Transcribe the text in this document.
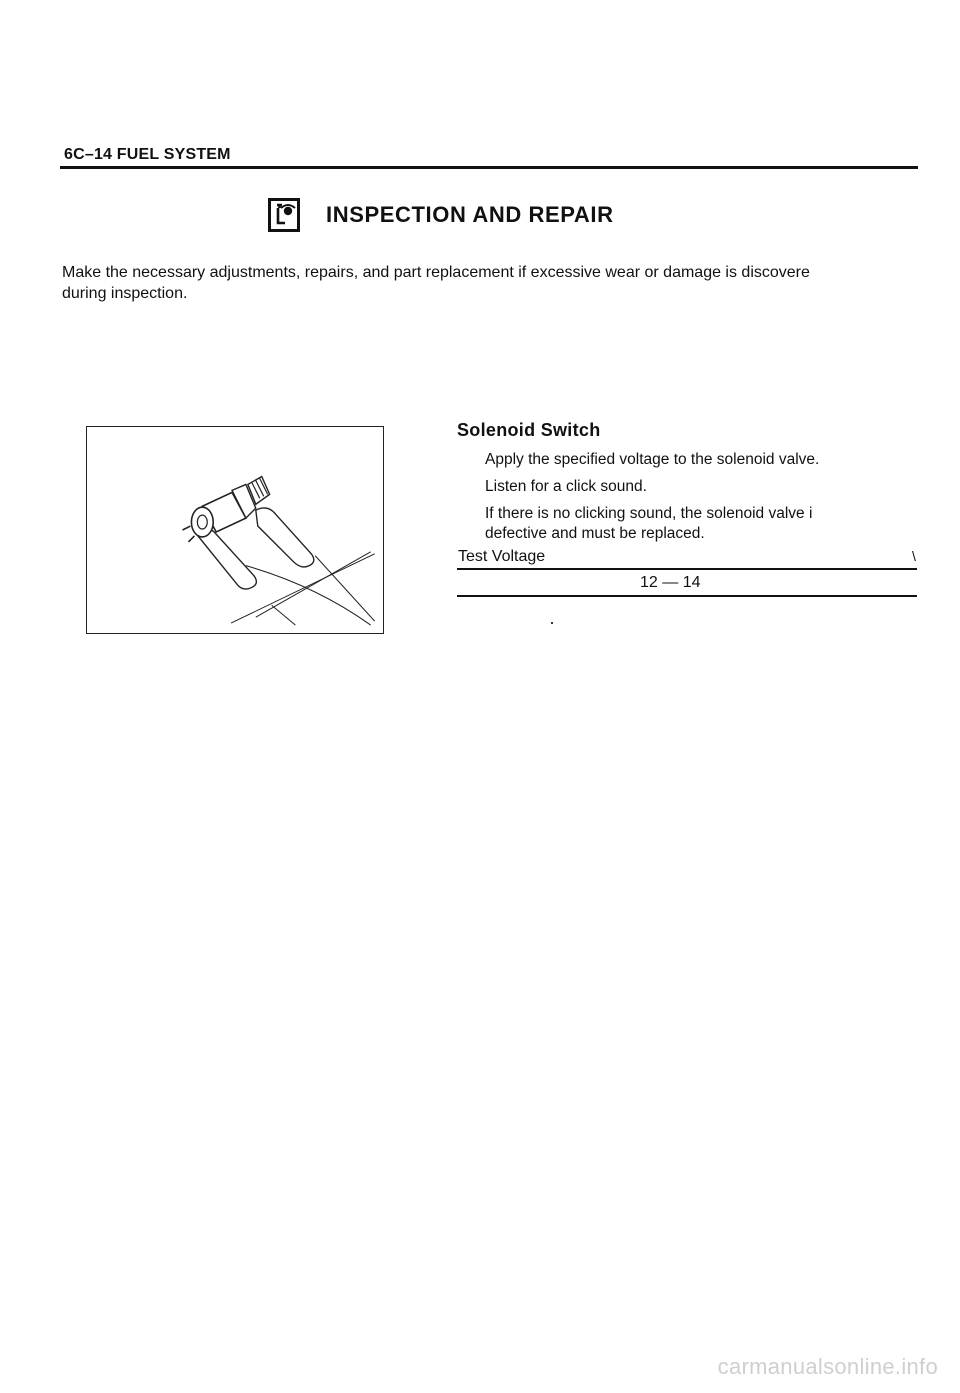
6C–14 FUEL SYSTEM
INSPECTION AND REPAIR
Make the necessary adjustments, repairs, and part replacement if excessive wear or damage is discovere
during inspection.
Solenoid Switch

Apply the specified voltage to the solenoid valve.

Listen for a click sound.

If there is no clicking sound, the solenoid valve i
defective and must be replaced.

Test Voltage	\
12 — 14
carmanualsonline.info
